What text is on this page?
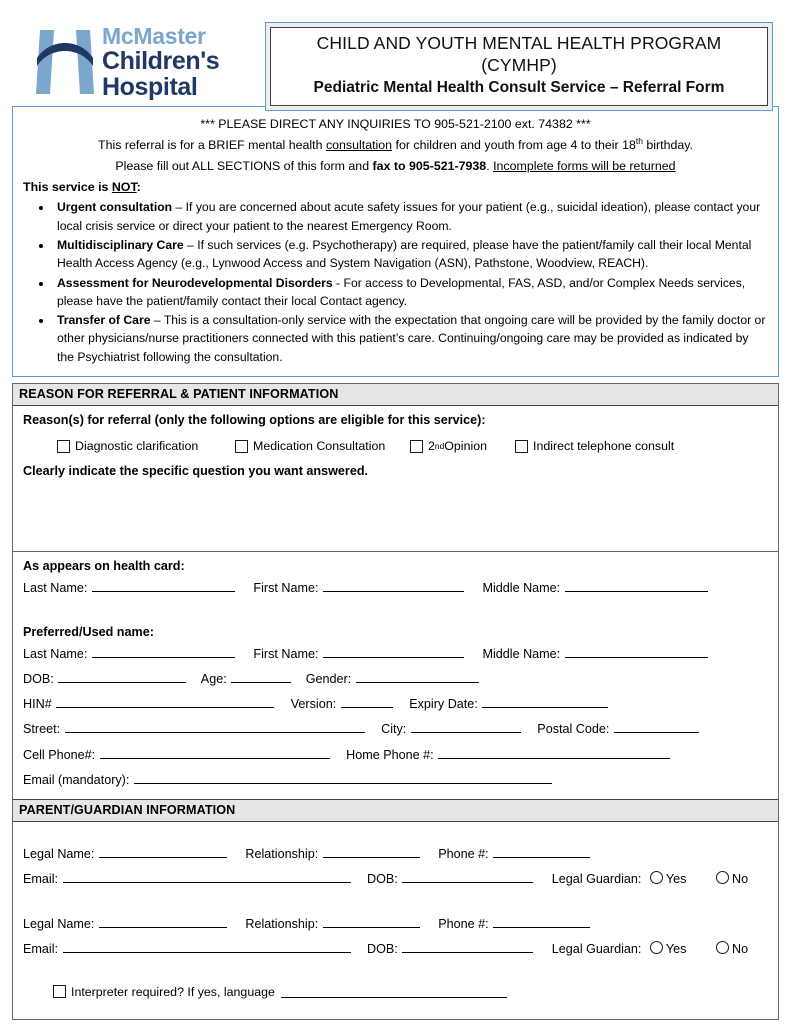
McMaster
Children's
Hospital
CHILD AND YOUTH MENTAL HEALTH PROGRAM (CYMHP)
Pediatric Mental Health Consult Service – Referral Form

*** PLEASE DIRECT ANY INQUIRIES TO 905-521-2100 ext. 74382 ***

This referral is for a BRIEF mental health consultation for children and youth from age 4 to their 18th birthday.

Please fill out ALL SECTIONS of this form and fax to 905-521-7938. Incomplete forms will be returned

This service is NOT:

• Urgent consultation – If you are concerned about acute safety issues for your patient (e.g., suicidal ideation), please contact your local crisis service or direct your patient to the nearest Emergency Room.
• Multidisciplinary Care – If such services (e.g. Psychotherapy) are required, please have the patient/family call their local Mental Health Access Agency (e.g., Lynwood Access and System Navigation (ASN), Pathstone, Woodview, REACH).
• Assessment for Neurodevelopmental Disorders - For access to Developmental, FAS, ASD, and/or Complex Needs services, please have the patient/family contact their local Contact agency.
• Transfer of Care – This is a consultation-only service with the expectation that ongoing care will be provided by the family doctor or other physicians/nurse practitioners connected with this patient’s care. Continuing/ongoing care may be provided as indicated by the Psychiatrist following the consultation.
REASON FOR REFERRAL & PATIENT INFORMATION
Reason(s) for referral (only the following options are eligible for this service):
Diagnostic clarification	Medication Consultation	2 nd Opinion	Indirect telephone consult
Clearly indicate the specific question you want answered.
As appears on health card:
Last Name:	First Name:	Middle Name:
Preferred/Used name:
Last Name:	First Name:	Middle Name:
DOB:	Age:	Gender:
HIN#	Version:	Expiry Date:
Street:	City:	Postal Code:
Cell Phone#:	Home Phone #:
Email (mandatory):
PARENT/GUARDIAN INFORMATION
Legal Name:	Relationship:	Phone #:
Email:	DOB:	Legal Guardian: Yes	No
Legal Name:	Relationship:	Phone #:
Email:	DOB:	Legal Guardian: Yes	No
Interpreter required? If yes, language
